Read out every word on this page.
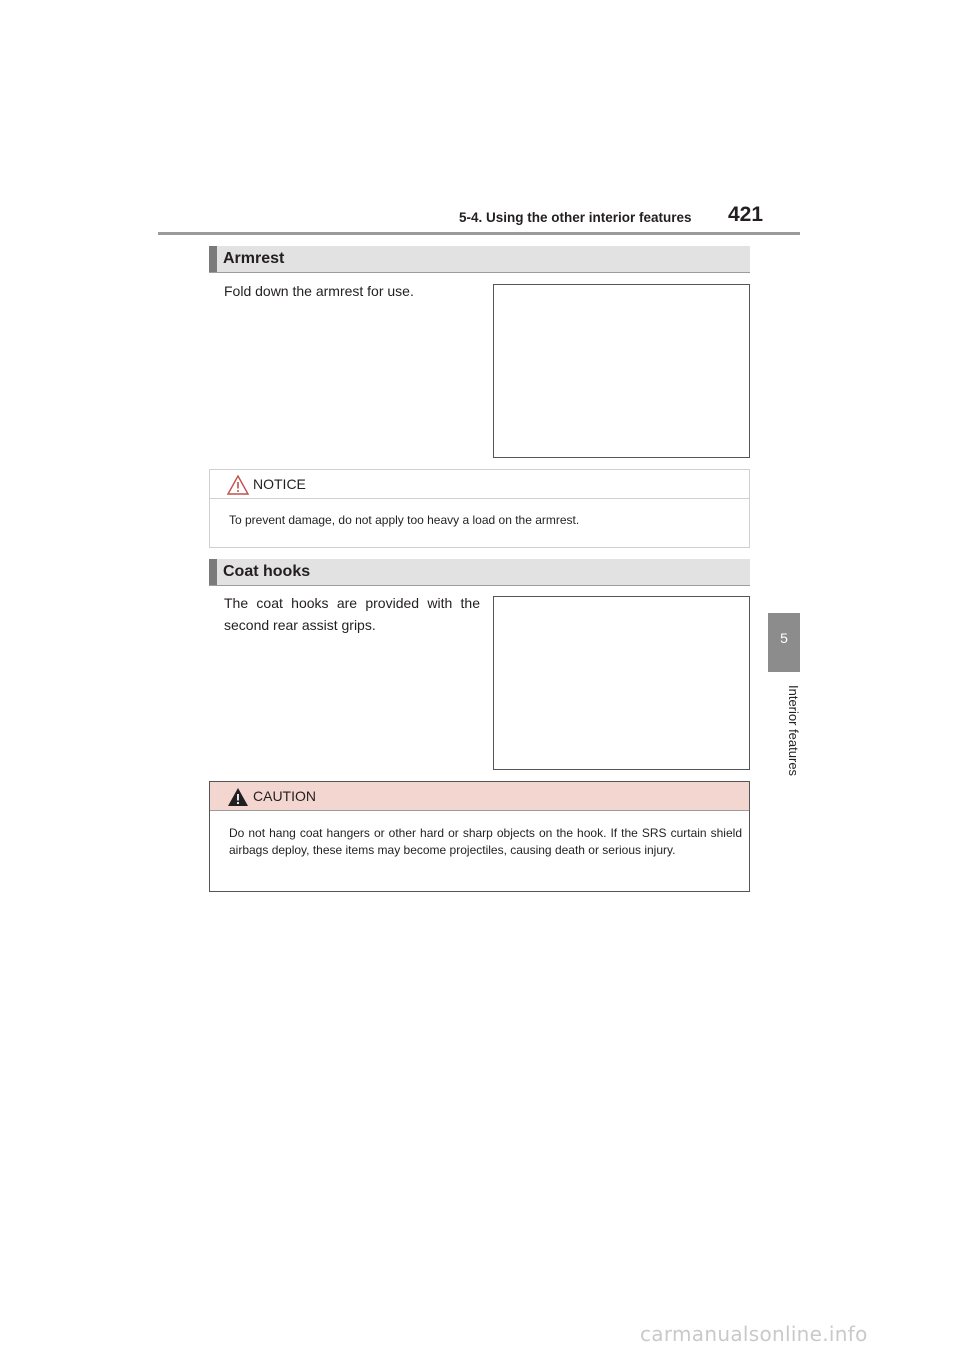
5-4. Using the other interior features 421
5
Interior features
Armrest
Fold down the armrest for use.
NOTICE
To prevent damage, do not apply too heavy a load on the armrest.
Coat hooks
The coat hooks are provided with the second rear assist grips.
CAUTION
Do not hang coat hangers or other hard or sharp objects on the hook. If the SRS curtain shield airbags deploy, these items may become projectiles, causing death or serious injury.
carmanualsonline.info
